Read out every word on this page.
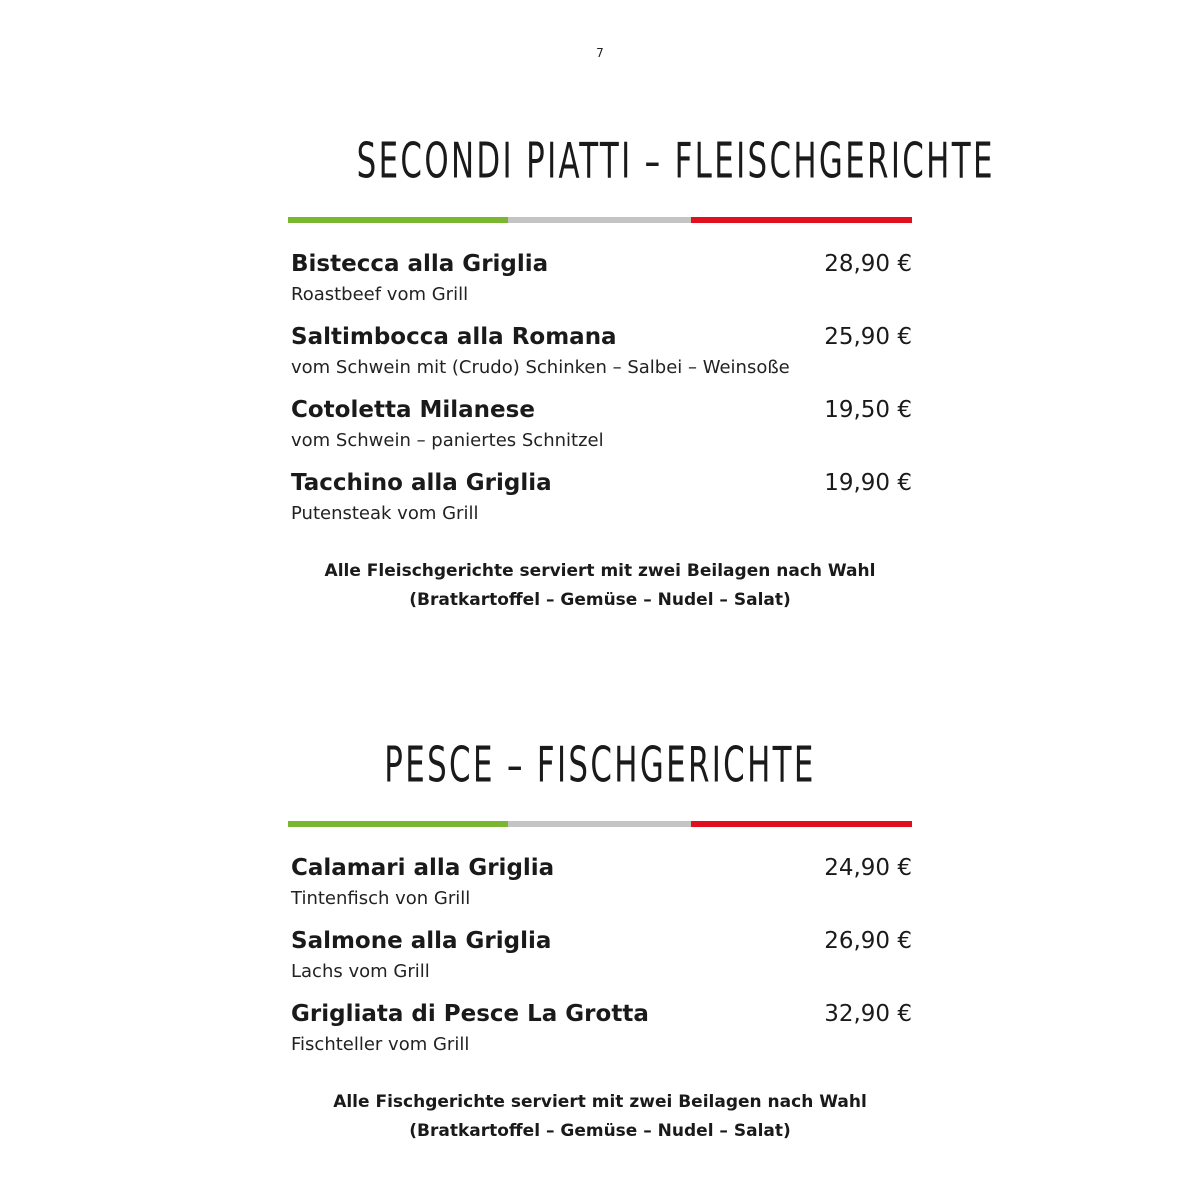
7
SECONDI PIATTI – FLEISCHGERICHTE
Bistecca alla Griglia
Roastbeef vom Grill
28,90 €
Saltimbocca alla Romana
vom Schwein mit (Crudo) Schinken – Salbei – Weinsoße
25,90 €
Cotoletta Milanese
vom Schwein – paniertes Schnitzel
19,50 €
Tacchino alla Griglia
Putensteak vom Grill
19,90 €
Alle Fleischgerichte serviert mit zwei Beilagen nach Wahl
(Bratkartoffel – Gemüse – Nudel – Salat)
PESCE – FISCHGERICHTE
Calamari alla Griglia
Tintenfisch von Grill
24,90 €
Salmone alla Griglia
Lachs vom Grill
26,90 €
Grigliata di Pesce La Grotta
Fischteller vom Grill
32,90 €
Alle Fischgerichte serviert mit zwei Beilagen nach Wahl
(Bratkartoffel – Gemüse – Nudel – Salat)
